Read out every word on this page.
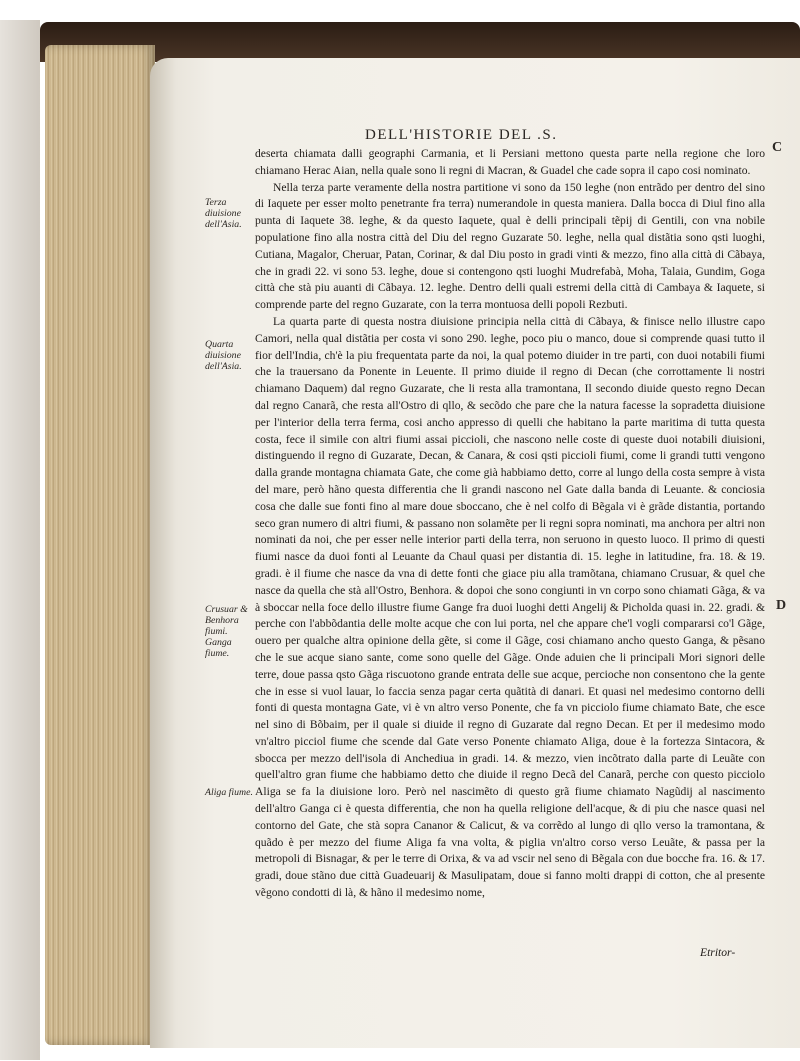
DELL'HISTORIE DEL .S.
Terza diuisione dell'Asia.
Quarta diuisione dell'Asia.
Crusuar & Benhora fiumi. Ganga fiume.
Aliga fiume.
C
D

deserta chiamata dalli geographi Carmania, et li Persiani mettono questa parte nella regione che loro chiamano Herac Aian, nella quale sono li regni di Macran, & Guadel che cade sopra il capo cosi nominato.

Nella terza parte veramente della nostra partitione vi sono da 150 leghe (non entrãdo per dentro del sino di Iaquete per esser molto penetrante fra terra) numerandole in questa maniera. Dalla bocca di Diul fino alla punta di Iaquete 38. leghe, & da questo Iaquete, qual è delli principali tẽpij di Gentili, con vna nobile populatione fino alla nostra città del Diu del regno Guzarate 50. leghe, nella qual distãtia sono qsti luoghi, Cutiana, Magalor, Cheruar, Patan, Corinar, & dal Diu posto in gradi vinti & mezzo, fino alla città di Cãbaya, che in gradi 22. vi sono 53. leghe, doue si contengono qsti luoghi Mudrefabà, Moha, Talaia, Gundim, Goga città che stà piu auanti di Cãbaya. 12. leghe. Dentro delli quali estremi della città di Cambaya & Iaquete, si comprende parte del regno Guzarate, con la terra montuosa delli popoli Rezbuti.

La quarta parte di questa nostra diuisione principia nella città di Cãbaya, & finisce nello illustre capo Camori, nella qual distãtia per costa vi sono 290. leghe, poco piu o manco, doue si comprende quasi tutto il fior dell'India, ch'è la piu frequentata parte da noi, la qual potemo diuider in tre parti, con duoi notabili fiumi che la trauersano da Ponente in Leuente. Il primo diuide il regno di Decan (che corrottamente li nostri chiamano Daquem) dal regno Guzarate, che li resta alla tramontana, Il secondo diuide questo regno Decan dal regno Canarã, che resta all'Ostro di qllo, & secõdo che pare che la natura facesse la sopradetta diuisione per l'interior della terra ferma, cosi ancho appresso di quelli che habitano la parte maritima di tutta questa costa, fece il simile con altri fiumi assai piccioli, che nascono nelle coste di queste duoi notabili diuisioni, distinguendo il regno di Guzarate, Decan, & Canara, & cosi qsti piccioli fiumi, come li grandi tutti vengono dalla grande montagna chiamata Gate, che come già habbiamo detto, corre al lungo della costa sempre à vista del mare, però hãno questa differentia che li grandi nascono nel Gate dalla banda di Leuante. & conciosia cosa che dalle sue fonti fino al mare doue sboccano, che è nel colfo di Bẽgala vi è grãde distantia, portando seco gran numero di altri fiumi, & passano non solamẽte per li regni sopra nominati, ma anchora per altri non nominati da noi, che per esser nelle interior parti della terra, non seruono in questo luoco. Il primo di questi fiumi nasce da duoi fonti al Leuante da Chaul quasi per distantia di. 15. leghe in latitudine, fra. 18. & 19. gradi. è il fiume che nasce da vna di dette fonti che giace piu alla tramõtana, chiamano Crusuar, & quel che nasce da quella che stà all'Ostro, Benhora. & dopoi che sono congiunti in vn corpo sono chiamati Gãga, & va à sboccar nella foce dello illustre fiume Gange fra duoi luoghi detti Angelij & Picholda quasi in. 22. gradi. & perche con l'abbõdantia delle molte acque che con lui porta, nel che appare che'l vogli compararsi co'l Gãge, ouero per qualche altra opinione della gẽte, si come il Gãge, cosi chiamano ancho questo Ganga, & pẽsano che le sue acque siano sante, come sono quelle del Gãge. Onde aduien che li principali Mori signori delle terre, doue passa qsto Gãga riscuotono grande entrata delle sue acque, percioche non consentono che la gente che in esse si vuol lauar, lo faccia senza pagar certa quãtità di danari. Et quasi nel medesimo contorno delli fonti di questa montagna Gate, vi è vn altro verso Ponente, che fa vn picciolo fiume chiamato Bate, che esce nel sino di Bõbaim, per il quale si diuide il regno di Guzarate dal regno Decan. Et per il medesimo modo vn'altro picciol fiume che scende dal Gate verso Ponente chiamato Aliga, doue è la fortezza Sintacora, & sbocca per mezzo dell'isola di Anchediua in gradi. 14. & mezzo, vien incõtrato dalla parte di Leuãte con quell'altro gran fiume che habbiamo detto che diuide il regno Decã del Canarã, perche con questo picciolo Aliga se fa la diuisione loro. Però nel nascimẽto di questo grã fiume chiamato Nagũdij al nascimento dell'altro Ganga ci è questa differentia, che non ha quella religione dell'acque, & di piu che nasce quasi nel contorno del Gate, che stà sopra Cananor & Calicut, & va corrẽdo al lungo di qllo verso la tramontana, & quãdo è per mezzo del fiume Aliga fa vna volta, & piglia vn'altro corso verso Leuãte, & passa per la metropoli di Bisnagar, & per le terre di Orixa, & va ad vscir nel seno di Bẽgala con due bocche fra. 16. & 17. gradi, doue stãno due città Guadeuarij & Masulipatam, doue si fanno molti drappi di cotton, che al presente vẽgono condotti di là, & hãno il medesimo nome,

Etritor-
